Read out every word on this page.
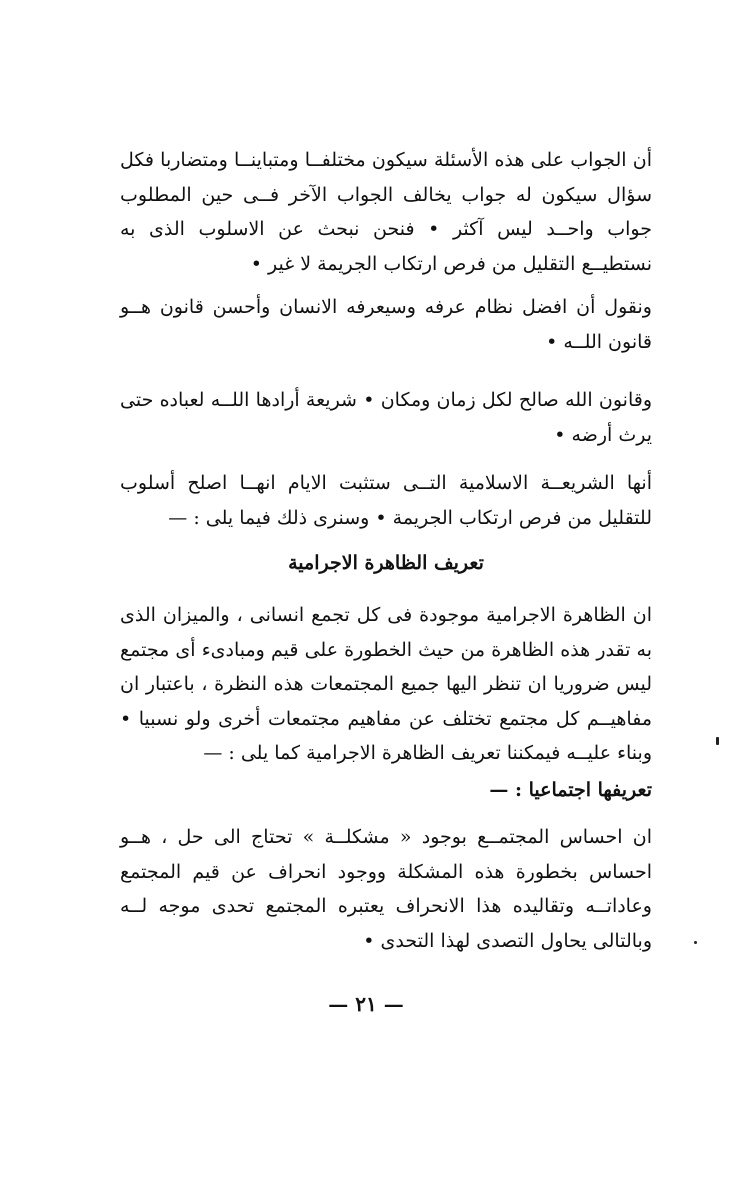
أن الجواب على هذه الأسئلة سيكون مختلفــا ومتباينــا ومتضاربا فكل سؤال سيكون له جواب يخالف الجواب الآخر فــى حين المطلوب جواب واحــد ليس آكثر • فنحن نبحث عن الاسلوب الذى به نستطيــع التقليل من فرص ارتكاب الجريمة لا غير •
ونقول أن افضل نظام عرفه وسيعرفه الانسان وأحسن قانون هــو قانون اللــه •
وقانون الله صالح لكل زمان ومكان • شريعة أرادها اللــه لعباده حتى يرث أرضه •
أنها الشريعــة الاسلامية التــى ستثبت الايام انهــا اصلح أسلوب للتقليل من فرص ارتكاب الجريمة • وسنرى ذلك فيما يلى : —
تعريف الظاهرة الاجرامية
ان الظاهرة الاجرامية موجودة فى كل تجمع انسانى ، والميزان الذى به تقدر هذه الظاهرة من حيث الخطورة على قيم ومبادىء أى مجتمع ليس ضروريا ان تنظر اليها جميع المجتمعات هذه النظرة ، باعتبار ان مفاهيــم كل مجتمع تختلف عن مفاهيم مجتمعات أخرى ولو نسبيا • وبناء عليــه فيمكننا تعريف الظاهرة الاجرامية كما يلى : —
تعريفها اجتماعيا : —
ان احساس المجتمــع بوجود « مشكلــة » تحتاج الى حل ، هــو احساس بخطورة هذه المشكلة ووجود انحراف عن قيم المجتمع وعاداتــه وتقاليده هذا الانحراف يعتبره المجتمع تحدى موجه لــه وبالتالى يحاول التصدى لهذا التحدى •
— ٢١ —
